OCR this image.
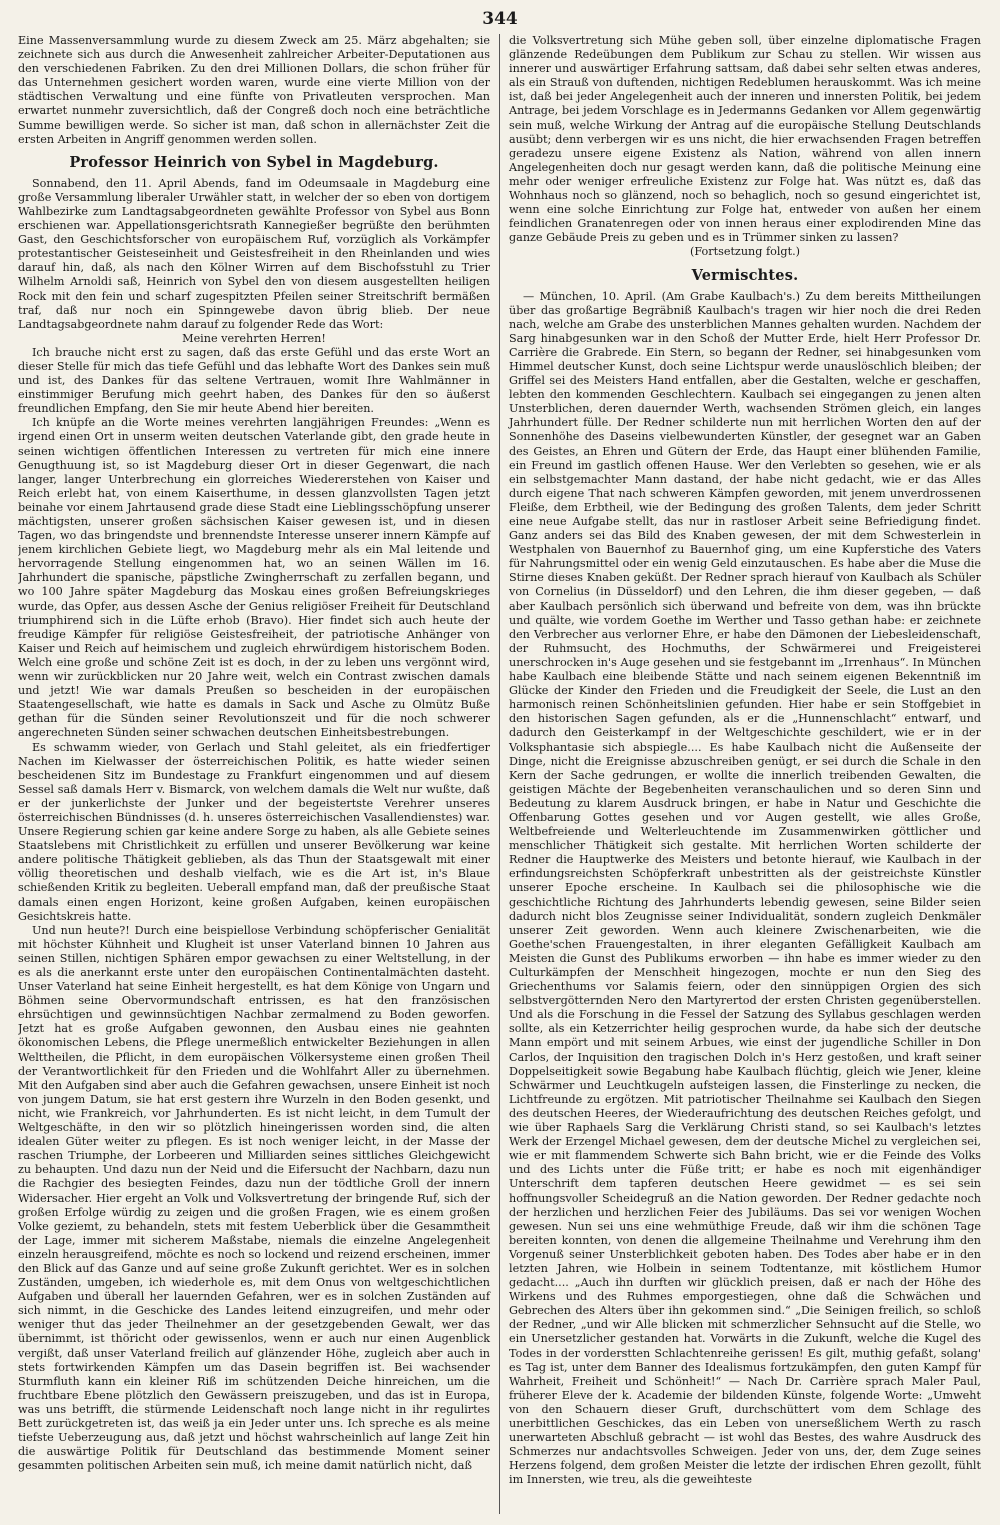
344

Eine Massenversammlung wurde zu diesem Zweck am 25. März abgehalten; sie zeichnete sich aus durch die Anwesenheit zahlreicher Arbeiter-Deputationen aus den verschiedenen Fabriken. Zu den drei Millionen Dollars, die schon früher für das Unternehmen gesichert worden waren, wurde eine vierte Million von der städtischen Verwaltung und eine fünfte von Privatleuten versprochen. Man erwartet nunmehr zuversichtlich, daß der Congreß doch noch eine beträchtliche Summe bewilligen werde. So sicher ist man, daß schon in allernächster Zeit die ersten Arbeiten in Angriff genommen werden sollen.

Professor Heinrich von Sybel in Magdeburg.

Sonnabend, den 11. April Abends, fand im Odeumsaale in Magdeburg eine große Versammlung liberaler Urwähler statt, in welcher der so eben von dortigem Wahlbezirke zum Landtagsabgeordneten gewählte Professor von Sybel aus Bonn erschienen war. Appellationsgerichtsrath Kannegießer begrüßte den berühmten Gast, den Geschichtsforscher von europäischem Ruf, vorzüglich als Vorkämpfer protestantischer Geisteseinheit und Geistesfreiheit in den Rheinlanden und wies darauf hin, daß, als nach den Kölner Wirren auf dem Bischofsstuhl zu Trier Wilhelm Arnoldi saß, Heinrich von Sybel den von diesem ausgestellten heiligen Rock mit den fein und scharf zugespitzten Pfeilen seiner Streitschrift bermäßen traf, daß nur noch ein Spinngewebe davon übrig blieb. Der neue Landtagsabgeordnete nahm darauf zu folgender Rede das Wort:

Meine verehrten Herren!

Ich brauche nicht erst zu sagen, daß das erste Gefühl und das erste Wort an dieser Stelle für mich das tiefe Gefühl und das lebhafte Wort des Dankes sein muß und ist, des Dankes für das seltene Vertrauen, womit Ihre Wahlmänner in einstimmiger Berufung mich geehrt haben, des Dankes für den so äußerst freundlichen Empfang, den Sie mir heute Abend hier bereiten.

Ich knüpfe an die Worte meines verehrten langjährigen Freundes: „Wenn es irgend einen Ort in unserm weiten deutschen Vaterlande gibt, den grade heute in seinen wichtigen öffentlichen Interessen zu vertreten für mich eine innere Genugthuung ist, so ist Magdeburg dieser Ort in dieser Gegenwart, die nach langer, langer Unterbrechung ein glorreiches Wiedererstehen von Kaiser und Reich erlebt hat, von einem Kaiserthume, in dessen glanzvollsten Tagen jetzt beinahe vor einem Jahrtausend grade diese Stadt eine Lieblingsschöpfung unserer mächtigsten, unserer großen sächsischen Kaiser gewesen ist, und in diesen Tagen, wo das bringendste und brennendste Interesse unserer innern Kämpfe auf jenem kirchlichen Gebiete liegt, wo Magdeburg mehr als ein Mal leitende und hervorragende Stellung eingenommen hat, wo an seinen Wällen im 16. Jahrhundert die spanische, päpstliche Zwingherrschaft zu zerfallen begann, und wo 100 Jahre später Magdeburg das Moskau eines großen Befreiungskrieges wurde, das Opfer, aus dessen Asche der Genius religiöser Freiheit für Deutschland triumphirend sich in die Lüfte erhob (Bravo). Hier findet sich auch heute der freudige Kämpfer für religiöse Geistesfreiheit, der patriotische Anhänger von Kaiser und Reich auf heimischem und zugleich ehrwürdigem historischem Boden. Welch eine große und schöne Zeit ist es doch, in der zu leben uns vergönnt wird, wenn wir zurückblicken nur 20 Jahre weit, welch ein Contrast zwischen damals und jetzt! Wie war damals Preußen so bescheiden in der europäischen Staatengesellschaft, wie hatte es damals in Sack und Asche zu Olmütz Buße gethan für die Sünden seiner Revolutionszeit und für die noch schwerer angerechneten Sünden seiner schwachen deutschen Einheitsbestrebungen.

Es schwamm wieder, von Gerlach und Stahl geleitet, als ein friedfertiger Nachen im Kielwasser der österreichischen Politik, es hatte wieder seinen bescheidenen Sitz im Bundestage zu Frankfurt eingenommen und auf diesem Sessel saß damals Herr v. Bismarck, von welchem damals die Welt nur wußte, daß er der junkerlichste der Junker und der begeistertste Verehrer unseres österreichischen Bündnisses (d. h. unseres österreichischen Vasallendienstes) war. Unsere Regierung schien gar keine andere Sorge zu haben, als alle Gebiete seines Staatslebens mit Christlichkeit zu erfüllen und unserer Bevölkerung war keine andere politische Thätigkeit geblieben, als das Thun der Staatsgewalt mit einer völlig theoretischen und deshalb vielfach, wie es die Art ist, in's Blaue schießenden Kritik zu begleiten. Ueberall empfand man, daß der preußische Staat damals einen engen Horizont, keine großen Aufgaben, keinen europäischen Gesichtskreis hatte.

Und nun heute?! Durch eine beispiellose Verbindung schöpferischer Genialität mit höchster Kühnheit und Klugheit ist unser Vaterland binnen 10 Jahren aus seinen Stillen, nichtigen Sphären empor gewachsen zu einer Weltstellung, in der es als die anerkannt erste unter den europäischen Continentalmächten dasteht. Unser Vaterland hat seine Einheit hergestellt, es hat dem Könige von Ungarn und Böhmen seine Obervormundschaft entrissen, es hat den französischen ehrsüchtigen und gewinnsüchtigen Nachbar zermalmend zu Boden geworfen. Jetzt hat es große Aufgaben gewonnen, den Ausbau eines nie geahnten ökonomischen Lebens, die Pflege unermeßlich entwickelter Beziehungen in allen Welttheilen, die Pflicht, in dem europäischen Völkersysteme einen großen Theil der Verantwortlichkeit für den Frieden und die Wohlfahrt Aller zu übernehmen. Mit den Aufgaben sind aber auch die Gefahren gewachsen, unsere Einheit ist noch von jungem Datum, sie hat erst gestern ihre Wurzeln in den Boden gesenkt, und nicht, wie Frankreich, vor Jahrhunderten. Es ist nicht leicht, in dem Tumult der Weltgeschäfte, in den wir so plötzlich hineingerissen worden sind, die alten idealen Güter weiter zu pflegen. Es ist noch weniger leicht, in der Masse der raschen Triumphe, der Lorbeeren und Milliarden seines sittliches Gleichgewicht zu behaupten. Und dazu nun der Neid und die Eifersucht der Nachbarn, dazu nun die Rachgier des besiegten Feindes, dazu nun der tödtliche Groll der innern Widersacher. Hier ergeht an Volk und Volksvertretung der bringende Ruf, sich der großen Erfolge würdig zu zeigen und die großen Fragen, wie es einem großen Volke geziemt, zu behandeln, stets mit festem Ueberblick über die Gesammtheit der Lage, immer mit sicherem Maßstabe, niemals die einzelne Angelegenheit einzeln herausgreifend, möchte es noch so lockend und reizend erscheinen, immer den Blick auf das Ganze und auf seine große Zukunft gerichtet. Wer es in solchen Zuständen, umgeben, ich wiederhole es, mit dem Onus von weltgeschichtlichen Aufgaben und überall her lauernden Gefahren, wer es in solchen Zuständen auf sich nimmt, in die Geschicke des Landes leitend einzugreifen, und mehr oder weniger thut das jeder Theilnehmer an der gesetzgebenden Gewalt, wer das übernimmt, ist thöricht oder gewissenlos, wenn er auch nur einen Augenblick vergißt, daß unser Vaterland freilich auf glänzender Höhe, zugleich aber auch in stets fortwirkenden Kämpfen um das Dasein begriffen ist. Bei wachsender Sturmfluth kann ein kleiner Riß im schützenden Deiche hinreichen, um die fruchtbare Ebene plötzlich den Gewässern preiszugeben, und das ist in Europa, was uns betrifft, die stürmende Leidenschaft noch lange nicht in ihr regulirtes Bett zurückgetreten ist, das weiß ja ein Jeder unter uns. Ich spreche es als meine tiefste Ueberzeugung aus, daß jetzt und höchst wahrscheinlich auf lange Zeit hin die auswärtige Politik für Deutschland das bestimmende Moment seiner gesammten politischen Arbeiten sein muß, ich meine damit natürlich nicht, daß

die Volksvertretung sich Mühe geben soll, über einzelne diplomatische Fragen glänzende Redeübungen dem Publikum zur Schau zu stellen. Wir wissen aus innerer und auswärtiger Erfahrung sattsam, daß dabei sehr selten etwas anderes, als ein Strauß von duftenden, nichtigen Redeblumen herauskommt. Was ich meine ist, daß bei jeder Angelegenheit auch der inneren und innersten Politik, bei jedem Antrage, bei jedem Vorschlage es in Jedermanns Gedanken vor Allem gegenwärtig sein muß, welche Wirkung der Antrag auf die europäische Stellung Deutschlands ausübt; denn verbergen wir es uns nicht, die hier erwachsenden Fragen betreffen geradezu unsere eigene Existenz als Nation, während von allen innern Angelegenheiten doch nur gesagt werden kann, daß die politische Meinung eine mehr oder weniger erfreuliche Existenz zur Folge hat. Was nützt es, daß das Wohnhaus noch so glänzend, noch so behaglich, noch so gesund eingerichtet ist, wenn eine solche Einrichtung zur Folge hat, entweder von außen her einem feindlichen Granatenregen oder von innen heraus einer explodirenden Mine das ganze Gebäude Preis zu geben und es in Trümmer sinken zu lassen?

(Fortsetzung folgt.)

Vermischtes.

— München, 10. April. (Am Grabe Kaulbach's.) Zu dem bereits Mittheilungen über das großartige Begräbniß Kaulbach's tragen wir hier noch die drei Reden nach, welche am Grabe des unsterblichen Mannes gehalten wurden. Nachdem der Sarg hinabgesunken war in den Schoß der Mutter Erde, hielt Herr Professor Dr. Carrière die Grabrede. Ein Stern, so begann der Redner, sei hinabgesunken vom Himmel deutscher Kunst, doch seine Lichtspur werde unauslöschlich bleiben; der Griffel sei des Meisters Hand entfallen, aber die Gestalten, welche er geschaffen, lebten den kommenden Geschlechtern. Kaulbach sei eingegangen zu jenen alten Unsterblichen, deren dauernder Werth, wachsenden Strömen gleich, ein langes Jahrhundert fülle. Der Redner schilderte nun mit herrlichen Worten den auf der Sonnenhöhe des Daseins vielbewunderten Künstler, der gesegnet war an Gaben des Geistes, an Ehren und Gütern der Erde, das Haupt einer blühenden Familie, ein Freund im gastlich offenen Hause. Wer den Verlebten so gesehen, wie er als ein selbstgemachter Mann dastand, der habe nicht gedacht, wie er das Alles durch eigene That nach schweren Kämpfen geworden, mit jenem unverdrossenen Fleiße, dem Erbtheil, wie der Bedingung des großen Talents, dem jeder Schritt eine neue Aufgabe stellt, das nur in rastloser Arbeit seine Befriedigung findet. Ganz anders sei das Bild des Knaben gewesen, der mit dem Schwesterlein in Westphalen von Bauernhof zu Bauernhof ging, um eine Kupferstiche des Vaters für Nahrungsmittel oder ein wenig Geld einzutauschen. Es habe aber die Muse die Stirne dieses Knaben geküßt. Der Redner sprach hierauf von Kaulbach als Schüler von Cornelius (in Düsseldorf) und den Lehren, die ihm dieser gegeben, — daß aber Kaulbach persönlich sich überwand und befreite von dem, was ihn brückte und quälte, wie vordem Goethe im Werther und Tasso gethan habe: er zeichnete den Verbrecher aus verlorner Ehre, er habe den Dämonen der Liebesleidenschaft, der Ruhmsucht, des Hochmuths, der Schwärmerei und Freigeisterei unerschrocken in's Auge gesehen und sie festgebannt im „Irrenhaus“. In München habe Kaulbach eine bleibende Stätte und nach seinem eigenen Bekenntniß im Glücke der Kinder den Frieden und die Freudigkeit der Seele, die Lust an den harmonisch reinen Schönheitslinien gefunden. Hier habe er sein Stoffgebiet in den historischen Sagen gefunden, als er die „Hunnenschlacht“ entwarf, und dadurch den Geisterkampf in der Weltgeschichte geschildert, wie er in der Volksphantasie sich abspiegle.... Es habe Kaulbach nicht die Außenseite der Dinge, nicht die Ereignisse abzuschreiben genügt, er sei durch die Schale in den Kern der Sache gedrungen, er wollte die innerlich treibenden Gewalten, die geistigen Mächte der Begebenheiten veranschaulichen und so deren Sinn und Bedeutung zu klarem Ausdruck bringen, er habe in Natur und Geschichte die Offenbarung Gottes gesehen und vor Augen gestellt, wie alles Große, Weltbefreiende und Welterleuchtende im Zusammenwirken göttlicher und menschlicher Thätigkeit sich gestalte. Mit herrlichen Worten schilderte der Redner die Hauptwerke des Meisters und betonte hierauf, wie Kaulbach in der erfindungsreichsten Schöpferkraft unbestritten als der geistreichste Künstler unserer Epoche erscheine. In Kaulbach sei die philosophische wie die geschichtliche Richtung des Jahrhunderts lebendig gewesen, seine Bilder seien dadurch nicht blos Zeugnisse seiner Individualität, sondern zugleich Denkmäler unserer Zeit geworden. Wenn auch kleinere Zwischenarbeiten, wie die Goethe'schen Frauengestalten, in ihrer eleganten Gefälligkeit Kaulbach am Meisten die Gunst des Publikums erworben — ihn habe es immer wieder zu den Culturkämpfen der Menschheit hingezogen, mochte er nun den Sieg des Griechenthums vor Salamis feiern, oder den sinnüppigen Orgien des sich selbstvergötternden Nero den Martyrertod der ersten Christen gegenüberstellen. Und als die Forschung in die Fessel der Satzung des Syllabus geschlagen werden sollte, als ein Ketzerrichter heilig gesprochen wurde, da habe sich der deutsche Mann empört und mit seinem Arbues, wie einst der jugendliche Schiller in Don Carlos, der Inquisition den tragischen Dolch in's Herz gestoßen, und kraft seiner Doppelseitigkeit sowie Begabung habe Kaulbach flüchtig, gleich wie Jener, kleine Schwärmer und Leuchtkugeln aufsteigen lassen, die Finsterlinge zu necken, die Lichtfreunde zu ergötzen. Mit patriotischer Theilnahme sei Kaulbach den Siegen des deutschen Heeres, der Wiederaufrichtung des deutschen Reiches gefolgt, und wie über Raphaels Sarg die Verklärung Christi stand, so sei Kaulbach's letztes Werk der Erzengel Michael gewesen, dem der deutsche Michel zu vergleichen sei, wie er mit flammendem Schwerte sich Bahn bricht, wie er die Feinde des Volks und des Lichts unter die Füße tritt; er habe es noch mit eigenhändiger Unterschrift dem tapferen deutschen Heere gewidmet — es sei sein hoffnungsvoller Scheidegruß an die Nation geworden. Der Redner gedachte noch der herzlichen und herzlichen Feier des Jubiläums. Das sei vor wenigen Wochen gewesen. Nun sei uns eine wehmüthige Freude, daß wir ihm die schönen Tage bereiten konnten, von denen die allgemeine Theilnahme und Verehrung ihm den Vorgenuß seiner Unsterblichkeit geboten haben. Des Todes aber habe er in den letzten Jahren, wie Holbein in seinem Todtentanze, mit köstlichem Humor gedacht.... „Auch ihn durften wir glücklich preisen, daß er nach der Höhe des Wirkens und des Ruhmes emporgestiegen, ohne daß die Schwächen und Gebrechen des Alters über ihn gekommen sind.“ „Die Seinigen freilich, so schloß der Redner, „und wir Alle blicken mit schmerzlicher Sehnsucht auf die Stelle, wo ein Unersetzlicher gestanden hat. Vorwärts in die Zukunft, welche die Kugel des Todes in der vorderstten Schlachtenreihe gerissen! Es gilt, muthig gefaßt, solang' es Tag ist, unter dem Banner des Idealismus fortzukämpfen, den guten Kampf für Wahrheit, Freiheit und Schönheit!“ — Nach Dr. Carrière sprach Maler Paul, früherer Eleve der k. Academie der bildenden Künste, folgende Worte: „Umweht von den Schauern dieser Gruft, durchschüttert vom dem Schlage des unerbittlichen Geschickes, das ein Leben von unerseßlichem Werth zu rasch unerwarteten Abschluß gebracht — ist wohl das Bestes, des wahre Ausdruck des Schmerzes nur andachtsvolles Schweigen. Jeder von uns, der, dem Zuge seines Herzens folgend, dem großen Meister die letzte der irdischen Ehren gezollt, fühlt im Innersten, wie treu, als die geweihteste
